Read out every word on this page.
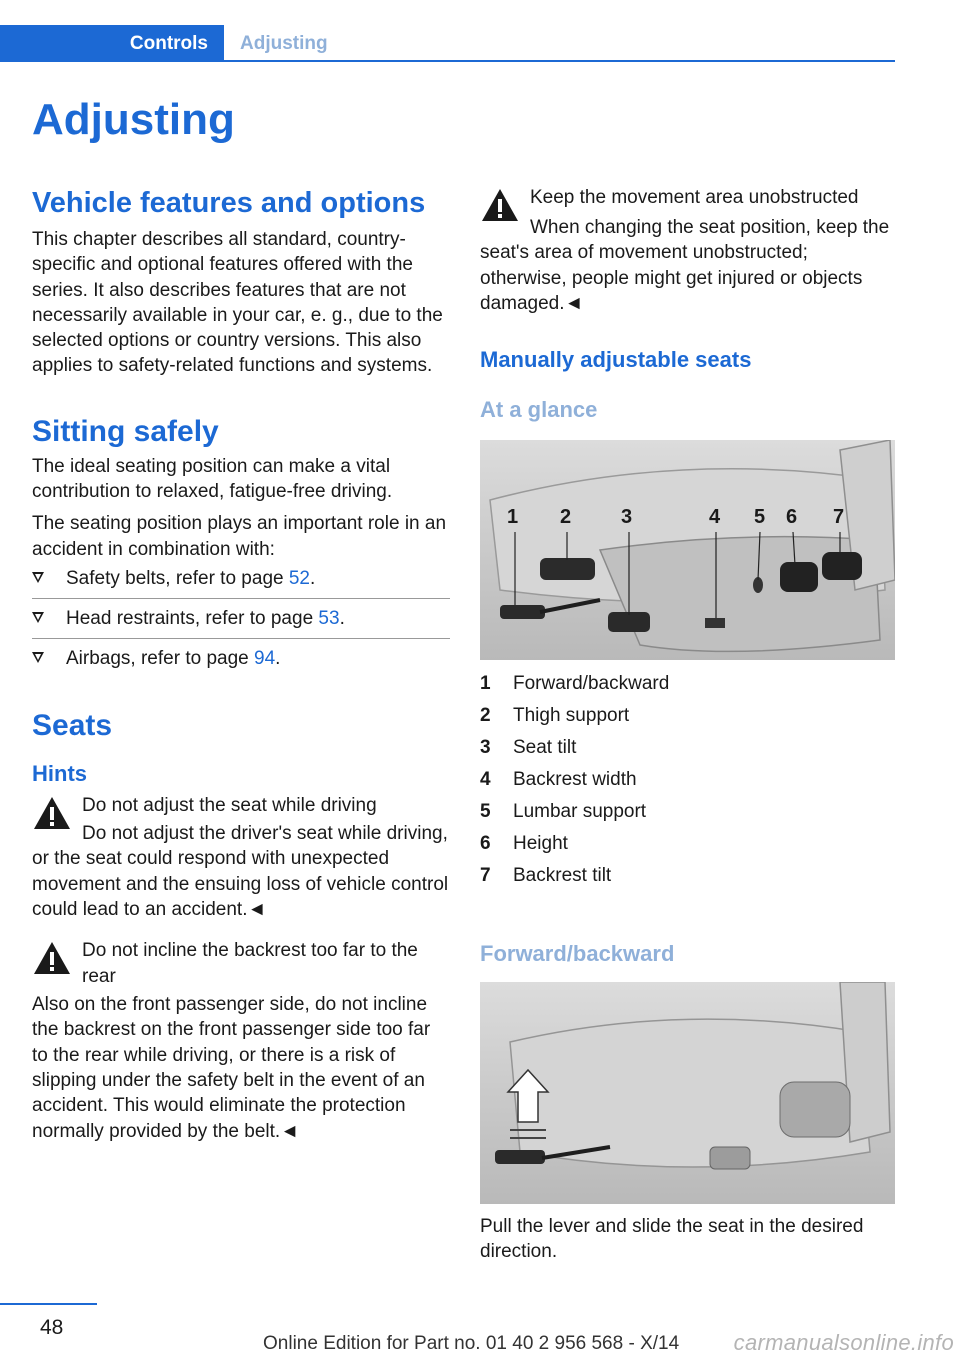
Controls	Adjusting
Adjusting
Vehicle features and options

This chapter describes all standard, country-specific and optional features offered with the series. It also describes features that are not necessarily available in your car, e. g., due to the selected options or country versions. This also applies to safety-related functions and systems.

Sitting safely

The ideal seating position can make a vital contribution to relaxed, fatigue-free driving.

The seating position plays an important role in an accident in combination with:

Safety belts, refer to page 52.
Head restraints, refer to page 53.
Airbags, refer to page 94.
Seats
Hints
Do not adjust the seat while driving

Do not adjust the driver's seat while driving, or the seat could respond with unexpected movement and the ensuing loss of vehicle control could lead to an accident.◄

Do not incline the backrest too far to the rear

Also on the front passenger side, do not incline the backrest on the front passenger side too far to the rear while driving, or there is a risk of slipping under the safety belt in the event of an accident. This would eliminate the protection normally provided by the belt.◄

Keep the movement area unobstructed

When changing the seat position, keep the seat's area of movement unobstructed; otherwise, people might get injured or objects damaged.◄

Manually adjustable seats
At a glance
1 2 3	4 5 6 7
1	Forward/backward
2	Thigh support
3	Seat tilt
4	Backrest width
5	Lumbar support
6	Height
7	Backrest tilt
Forward/backward

Pull the lever and slide the seat in the desired direction.

48
Online Edition for Part no. 01 40 2 956 568 - X/14 carmanualsonline.info
